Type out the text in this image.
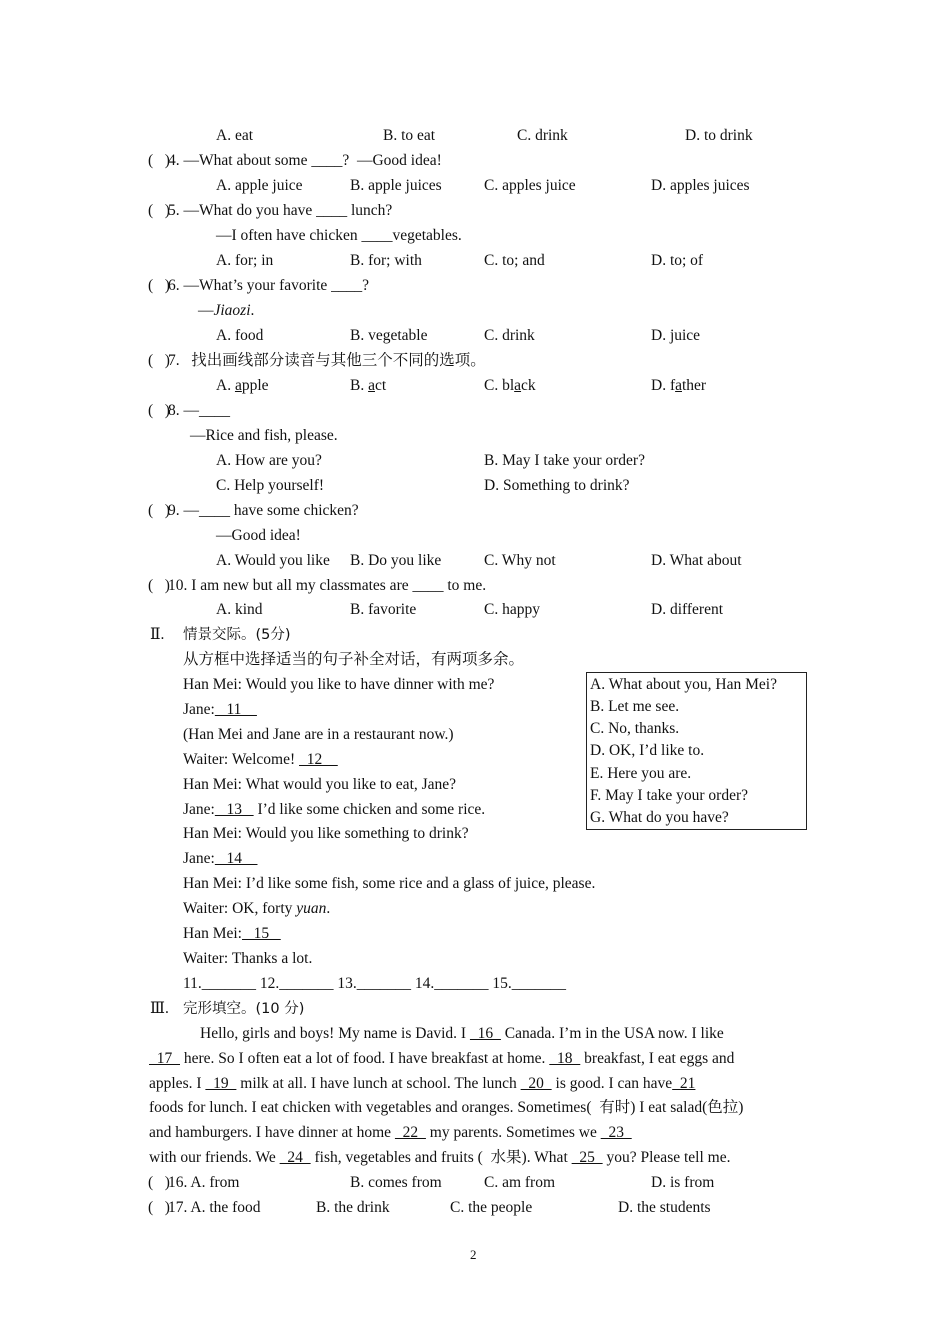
A. eat	B. to eat	C. drink	D. to drink
(   )
4. —What about some ____?  —Good idea!
A. apple juice	B. apple juices	C. apples juice	D. apples juices
(   )
5. —What do you have ____ lunch?
—I often have chicken ____vegetables.
A. for; in	B. for; with	C. to; and	D. to; of
(   )
6. —What’s your favorite ____?
—Jiaozi.
A. food	B. vegetable	C. drink	D. juice
(   )
7.   找出画线部分读音与其他三个不同的选项。
A. apple	B. act	C. black	D. father
(   )
8. —____
—Rice and fish, please.
A. How are you?	B. May I take your order?
C. Help yourself!	D. Something to drink?
(   )
9. —____ have some chicken?
—Good idea!
A. Would you like B. Do you like	C. Why not	D. What about
(   )
10. I am new but all my classmates are ____ to me.
A. kind	B. favorite	C. happy	D. different
Ⅱ. 情景交际。(5分)
从方框中选择适当的句子补全对话，有两项多余。
A. What about you, Han Mei?
B. Let me see.
C. No, thanks.
D. OK, I’d like to.
E. Here you are.
F. May I take your order?
G. What do you have?
Han Mei: Would you like to have dinner with me?
Jane:   11
(Han Mei and Jane are in a restaurant now.)
Waiter: Welcome!   12
Han Mei: What would you like to eat, Jane?
Jane:   13    I’d like some chicken and some rice.
Han Mei: Would you like something to drink?
Jane:   14
Han Mei: I’d like some fish, some rice and a glass of juice, please.
Waiter: OK, forty yuan.
Han Mei:   15
Waiter: Thanks a lot.
11._______ 12._______ 13._______ 14._______ 15._______
Ⅲ. 完形填空。(10 分)
Hello, girls and boys! My name is David. I   16   Canada. I’m in the USA now. I like
17   here. So I often eat a lot of food. I have breakfast at home.   18   breakfast, I eat eggs and
apples. I   19   milk at all. I have lunch at school. The lunch   20   is good. I can have  21
foods for lunch. I eat chicken with vegetables and oranges. Sometimes(  有时) I eat salad(色拉)
and hamburgers. I have dinner at home   22   my parents. Sometimes we   23
with our friends. We   24   fish, vegetables and fruits (  水果). What   25   you? Please tell me.
(   )
16. A. from	B. comes from	C. am from	D. is from
(   )
17. A. the food	B. the drink	C. the people	D. the students
2
